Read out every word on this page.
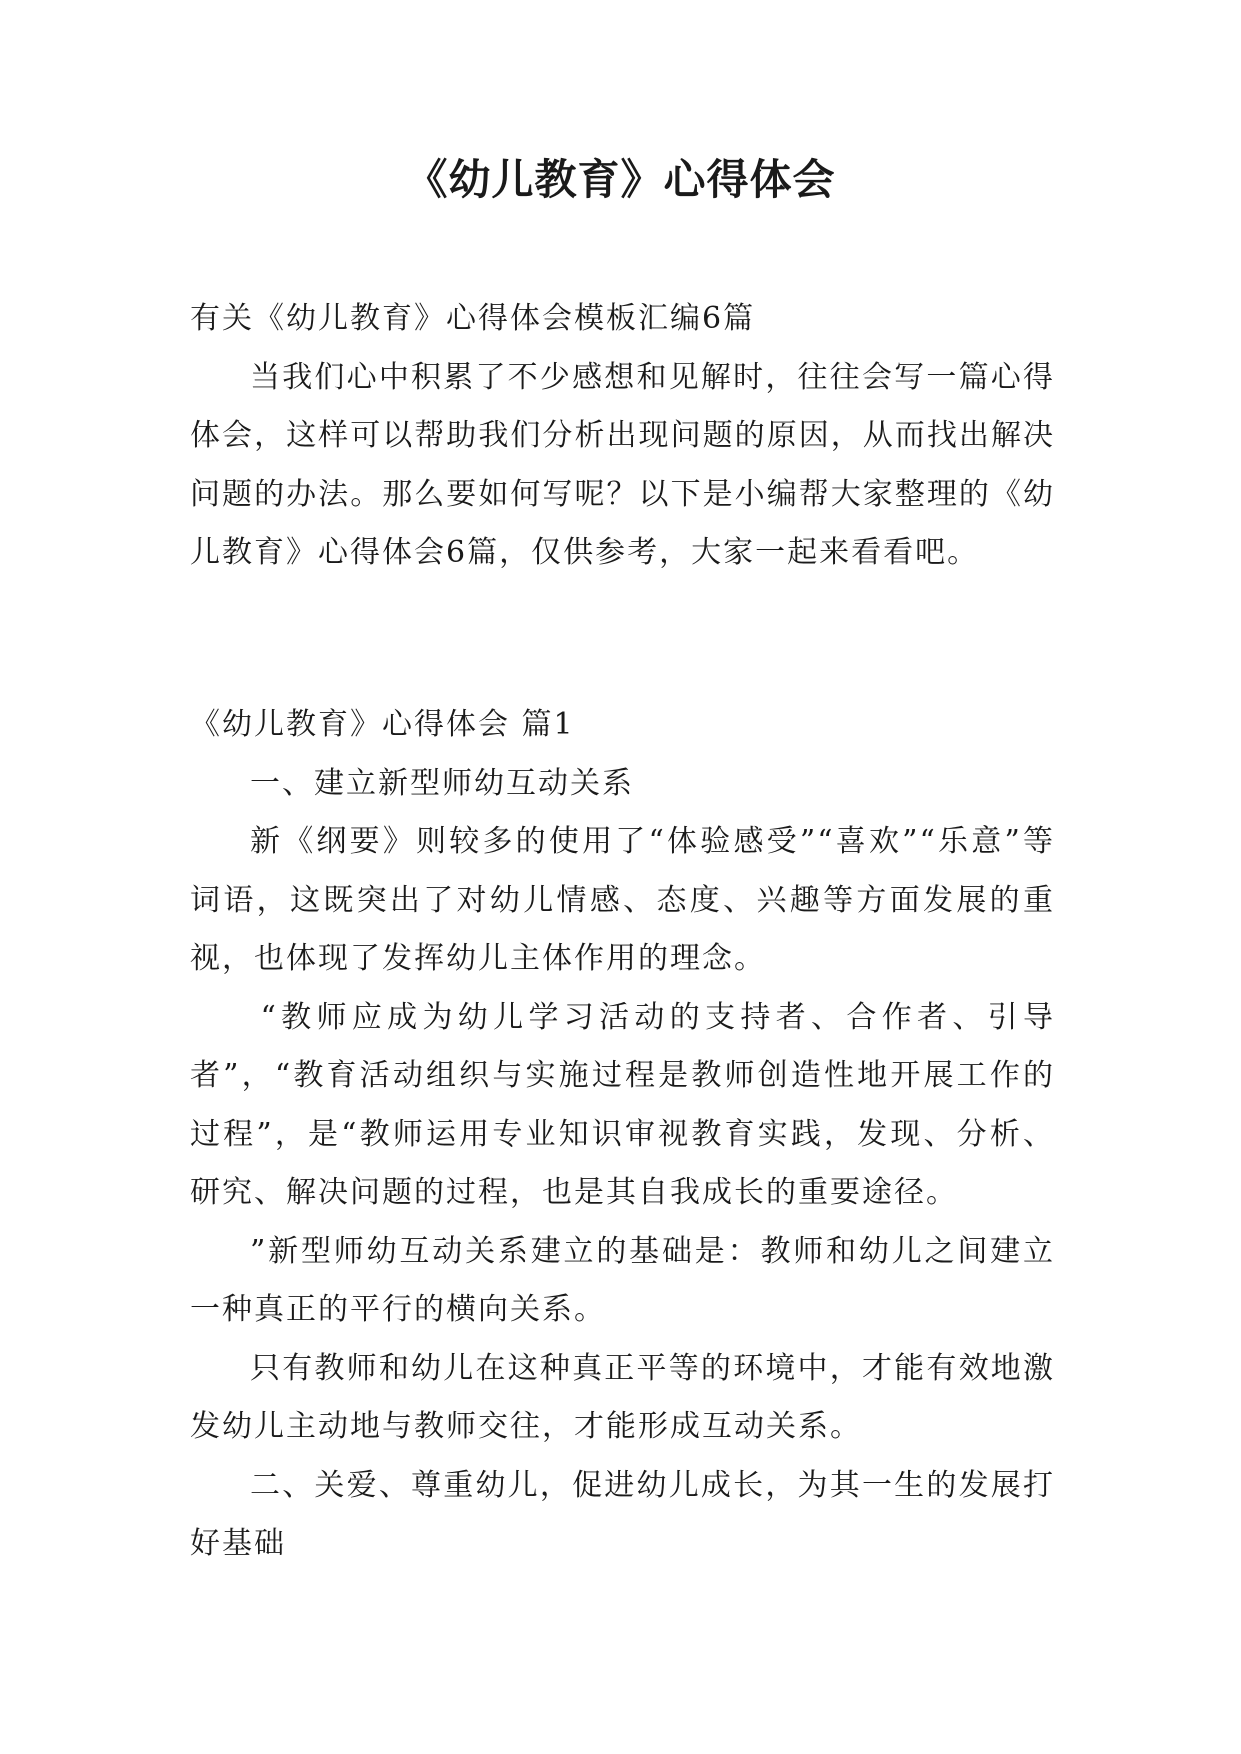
《幼儿教育》心得体会
有关《幼儿教育》心得体会模板汇编6篇
当我们心中积累了不少感想和见解时，往往会写一篇心得体会，这样可以帮助我们分析出现问题的原因，从而找出解决问题的办法。那么要如何写呢？以下是小编帮大家整理的《幼儿教育》心得体会6篇，仅供参考，大家一起来看看吧。
《幼儿教育》心得体会 篇1
一、建立新型师幼互动关系
新《纲要》则较多的使用了“体验感受”“喜欢”“乐意”等词语，这既突出了对幼儿情感、态度、兴趣等方面发展的重视，也体现了发挥幼儿主体作用的理念。
“教师应成为幼儿学习活动的支持者、合作者、引导者”，“教育活动组织与实施过程是教师创造性地开展工作的过程”，是“教师运用专业知识审视教育实践，发现、分析、研究、解决问题的过程，也是其自我成长的重要途径。
”新型师幼互动关系建立的基础是：教师和幼儿之间建立一种真正的平行的横向关系。
只有教师和幼儿在这种真正平等的环境中，才能有效地激发幼儿主动地与教师交往，才能形成互动关系。
二、关爱、尊重幼儿，促进幼儿成长，为其一生的发展打好基础
